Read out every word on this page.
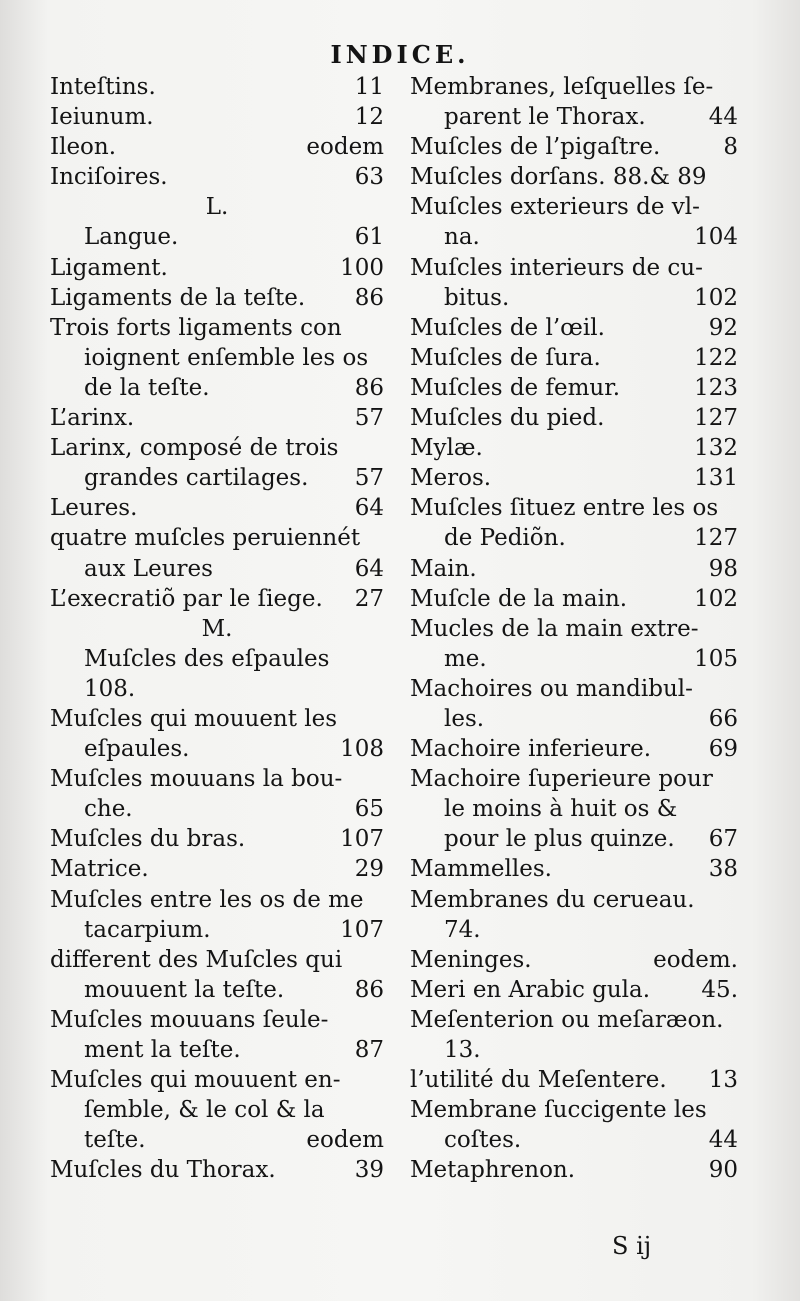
INDICE.
Inteſtins.	11
Ieiunum.	12
Ileon.	eodem
Inciſoires.	63
L.
Langue.	61
Ligament.	100
Ligaments de la teſte.	86
Trois forts ligaments con
ioignent enſemble les os
de la teſte.	86
L’arinx.	57
Larinx, composé de trois
grandes cartilages.	57
Leures.	64
quatre muſcles peruiennét
aux Leures	64
L’execratiõ par le ſiege.	27
M.
Muſcles des eſpaules
108.
Muſcles qui mouuent les
eſpaules.	108
Muſcles mouuans la bou-
che.	65
Muſcles du bras.	107
Matrice.	29
Muſcles entre les os de me
tacarpium.	107
different des Muſcles qui
mouuent la teſte.	86
Muſcles mouuans ſeule-
ment la teſte.	87
Muſcles qui mouuent en-
ſemble, & le col & la
teſte.	eodem
Muſcles du Thorax.	39
Membranes, leſquelles ſe-
parent le Thorax.	44
Muſcles de l’pigaſtre.	8
Muſcles dorſans. 88.& 89
Muſcles exterieurs de vl-
na.	104
Muſcles interieurs de cu-
bitus.	102
Muſcles de l’œil.	92
Muſcles de ſura.	122
Muſcles de femur.	123
Muſcles du pied.	127
Mylæ.	132
Meros.	131
Muſcles ſituez entre les os
de Pediõn.	127
Main.	98
Muſcle de la main.	102
Mucles de la main extre-
me.	105
Machoires ou mandibul-
les.	66
Machoire inferieure.	69
Machoire ſuperieure pour
le moins à huit os &
pour le plus quinze.	67
Mammelles.	38
Membranes du cerueau.
74.
Meninges.	eodem.
Meri en Arabic gula.	45.
Meſenterion ou meſaræon.
13.
l’utilité du Meſentere.	13
Membrane ſuccigente les
coſtes.	44
Metaphrenon.	90
S ij
